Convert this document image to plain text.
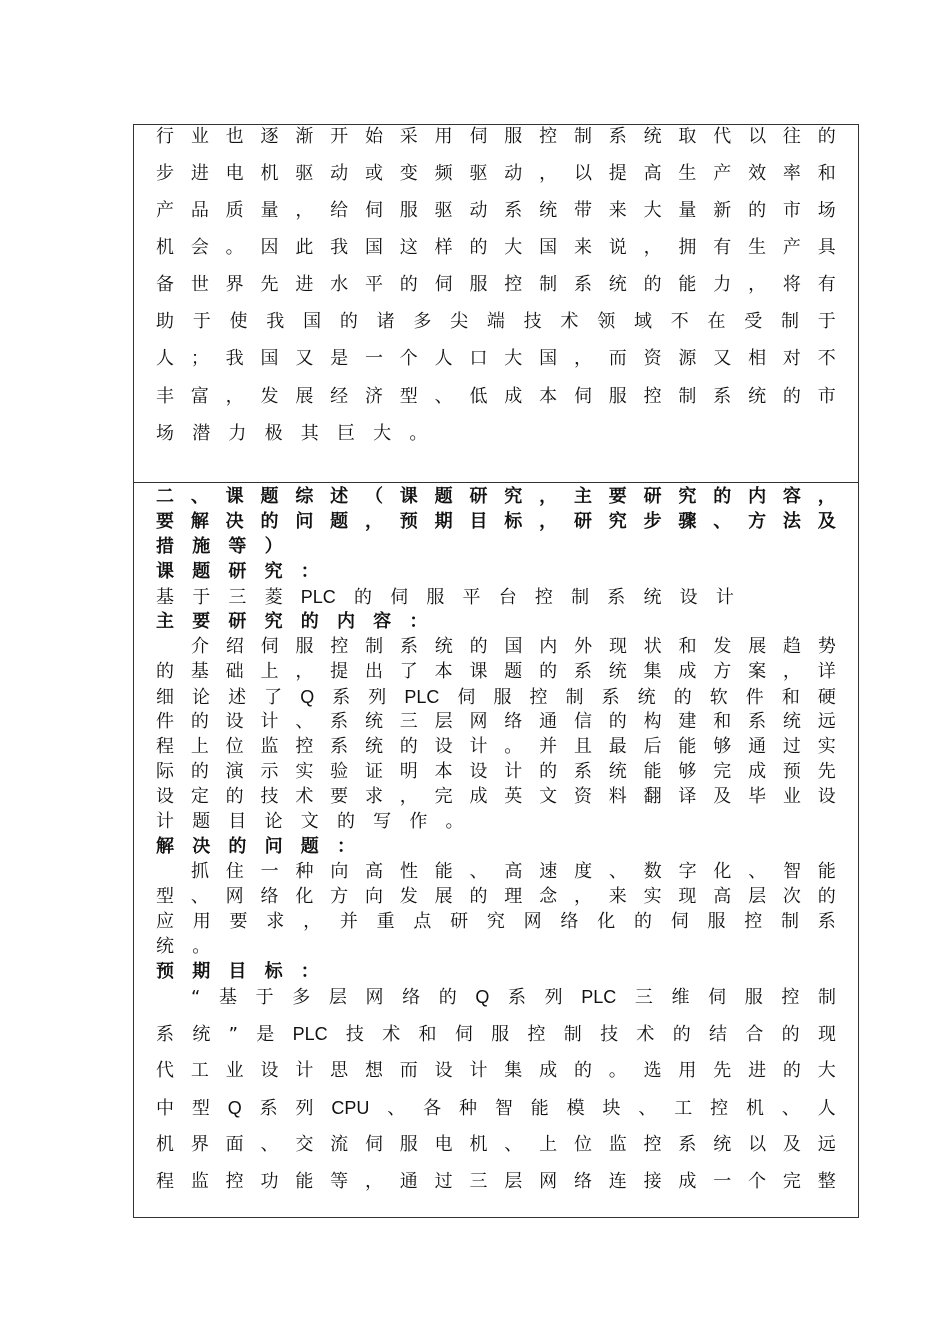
行 业 也 逐 渐 开 始 采 用 伺 服 控 制 系 统 取 代 以 往 的
步 进 电 机 驱 动 或 变 频 驱 动 ， 以 提 高 生 产 效 率 和
产 品 质 量 ， 给 伺 服 驱 动 系 统 带 来 大 量 新 的 市 场
机 会 。 因 此 我 国 这 样 的 大 国 来 说 ， 拥 有 生 产 具
备 世 界 先 进 水 平 的 伺 服 控 制 系 统 的 能 力 ， 将 有
助 于 使 我 国 的 诸 多 尖 端 技 术 领 域 不 在 受 制 于
人 ； 我 国 又 是 一 个 人 口 大 国 ， 而 资 源 又 相 对 不
丰 富 ， 发 展 经 济 型 、 低 成 本 伺 服 控 制 系 统 的 市
场 潜 力 极 其 巨 大 。
二 、 课 题 综 述 （ 课 题 研 究 ， 主 要 研 究 的 内 容 ，
要 解 决 的 问 题 ， 预 期 目 标 ， 研 究 步 骤 、 方 法 及
措 施 等 ）
课 题 研 究 ：
基 于 三 菱 PLC 的 伺 服 平 台 控 制 系 统 设 计
主 要 研 究 的 内 容 ：
介 绍 伺 服 控 制 系 统 的 国 内 外 现 状 和 发 展 趋 势
的 基 础 上 ， 提 出 了 本 课 题 的 系 统 集 成 方 案 ， 详
细 论 述 了 Q 系 列 PLC 伺 服 控 制 系 统 的 软 件 和 硬
件 的 设 计 、 系 统 三 层 网 络 通 信 的 构 建 和 系 统 远
程 上 位 监 控 系 统 的 设 计 。 并 且 最 后 能 够 通 过 实
际 的 演 示 实 验 证 明 本 设 计 的 系 统 能 够 完 成 预 先
设 定 的 技 术 要 求 ， 完 成 英 文 资 料 翻 译 及 毕 业 设
计 题 目 论 文 的 写 作 。
解 决 的 问 题 ：
抓 住 一 种 向 高 性 能 、 高 速 度 、 数 字 化 、 智 能
型 、 网 络 化 方 向 发 展 的 理 念 ， 来 实 现 高 层 次 的
应 用 要 求 ， 并 重 点 研 究 网 络 化 的 伺 服 控 制 系
统 。
预 期 目 标 ：
“ 基 于 多 层 网 络 的 Q 系 列 PLC 三 维 伺 服 控 制
系 统 ” 是 PLC 技 术 和 伺 服 控 制 技 术 的 结 合 的 现
代 工 业 设 计 思 想 而 设 计 集 成 的 。 选 用 先 进 的 大
中 型 Q 系 列 CPU 、 各 种 智 能 模 块 、 工 控 机 、 人
机 界 面 、 交 流 伺 服 电 机 、 上 位 监 控 系 统 以 及 远
程 监 控 功 能 等 ， 通 过 三 层 网 络 连 接 成 一 个 完 整
